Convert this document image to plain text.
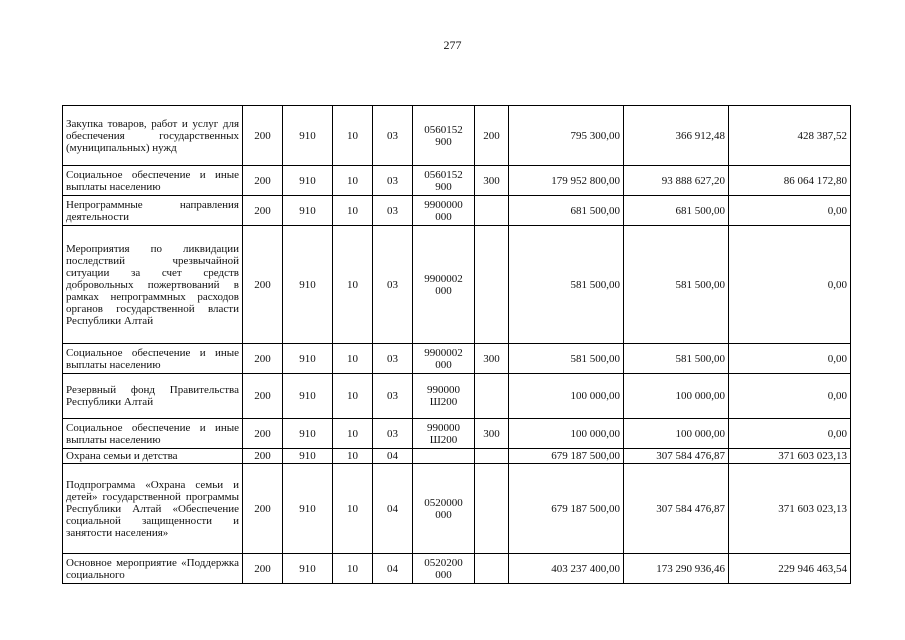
277
Закупка товаров, работ и услуг для обеспечения государственных (муниципальных) нужд	200	910	10	03	0560152 900	200	795 300,00	366 912,48	428 387,52
Социальное обеспечение и иные выплаты населению	200	910	10	03	0560152 900	300	179 952 800,00	93 888 627,20	86 064 172,80
Непрограммные направления деятельности	200	910	10	03	9900000 000		681 500,00	681 500,00	0,00
Мероприятия по ликвидации последствий чрезвычайной ситуации за счет средств добровольных пожертвований в рамках непрограммных расходов органов государственной власти Республики Алтай	200	910	10	03	9900002 000		581 500,00	581 500,00	0,00
Социальное обеспечение и иные выплаты населению	200	910	10	03	9900002 000	300	581 500,00	581 500,00	0,00
Резервный фонд Правительства Республики Алтай	200	910	10	03	990000 Ш200		100 000,00	100 000,00	0,00
Социальное обеспечение и иные выплаты населению	200	910	10	03	990000 Ш200	300	100 000,00	100 000,00	0,00
Охрана семьи и детства	200	910	10	04			679 187 500,00	307 584 476,87	371 603 023,13
Подпрограмма «Охрана семьи и детей» государственной программы Республики Алтай «Обеспечение социальной защищенности и занятости населения»	200	910	10	04	0520000 000		679 187 500,00	307 584 476,87	371 603 023,13
Основное мероприятие «Поддержка социального	200	910	10	04	0520200 000		403 237 400,00	173 290 936,46	229 946 463,54
